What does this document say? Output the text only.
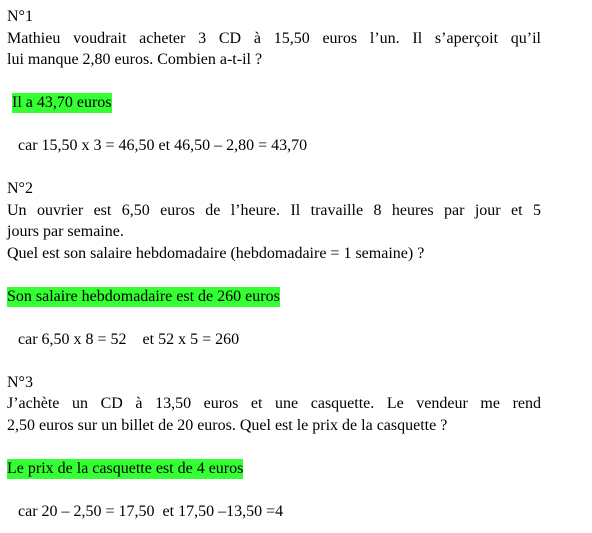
N°1
Mathieu voudrait acheter 3 CD à 15,50 euros l’un. Il s’aperçoit qu’il
lui manque 2,80 euros. Combien a-t-il ?
Il a 43,70 euros
car 15,50 x 3 = 46,50 et 46,50 – 2,80 = 43,70
N°2
Un ouvrier est 6,50 euros de l’heure. Il travaille 8 heures par jour et 5
jours par semaine.
Quel est son salaire hebdomadaire (hebdomadaire = 1 semaine) ?
Son salaire hebdomadaire est de 260 euros
car 6,50 x 8 = 52    et 52 x 5 = 260
N°3
J’achète un CD à 13,50 euros et une casquette. Le vendeur me rend
2,50 euros sur un billet de 20 euros. Quel est le prix de la casquette ?
Le prix de la casquette est de 4 euros
car 20 – 2,50 = 17,50  et 17,50 –13,50 =4
